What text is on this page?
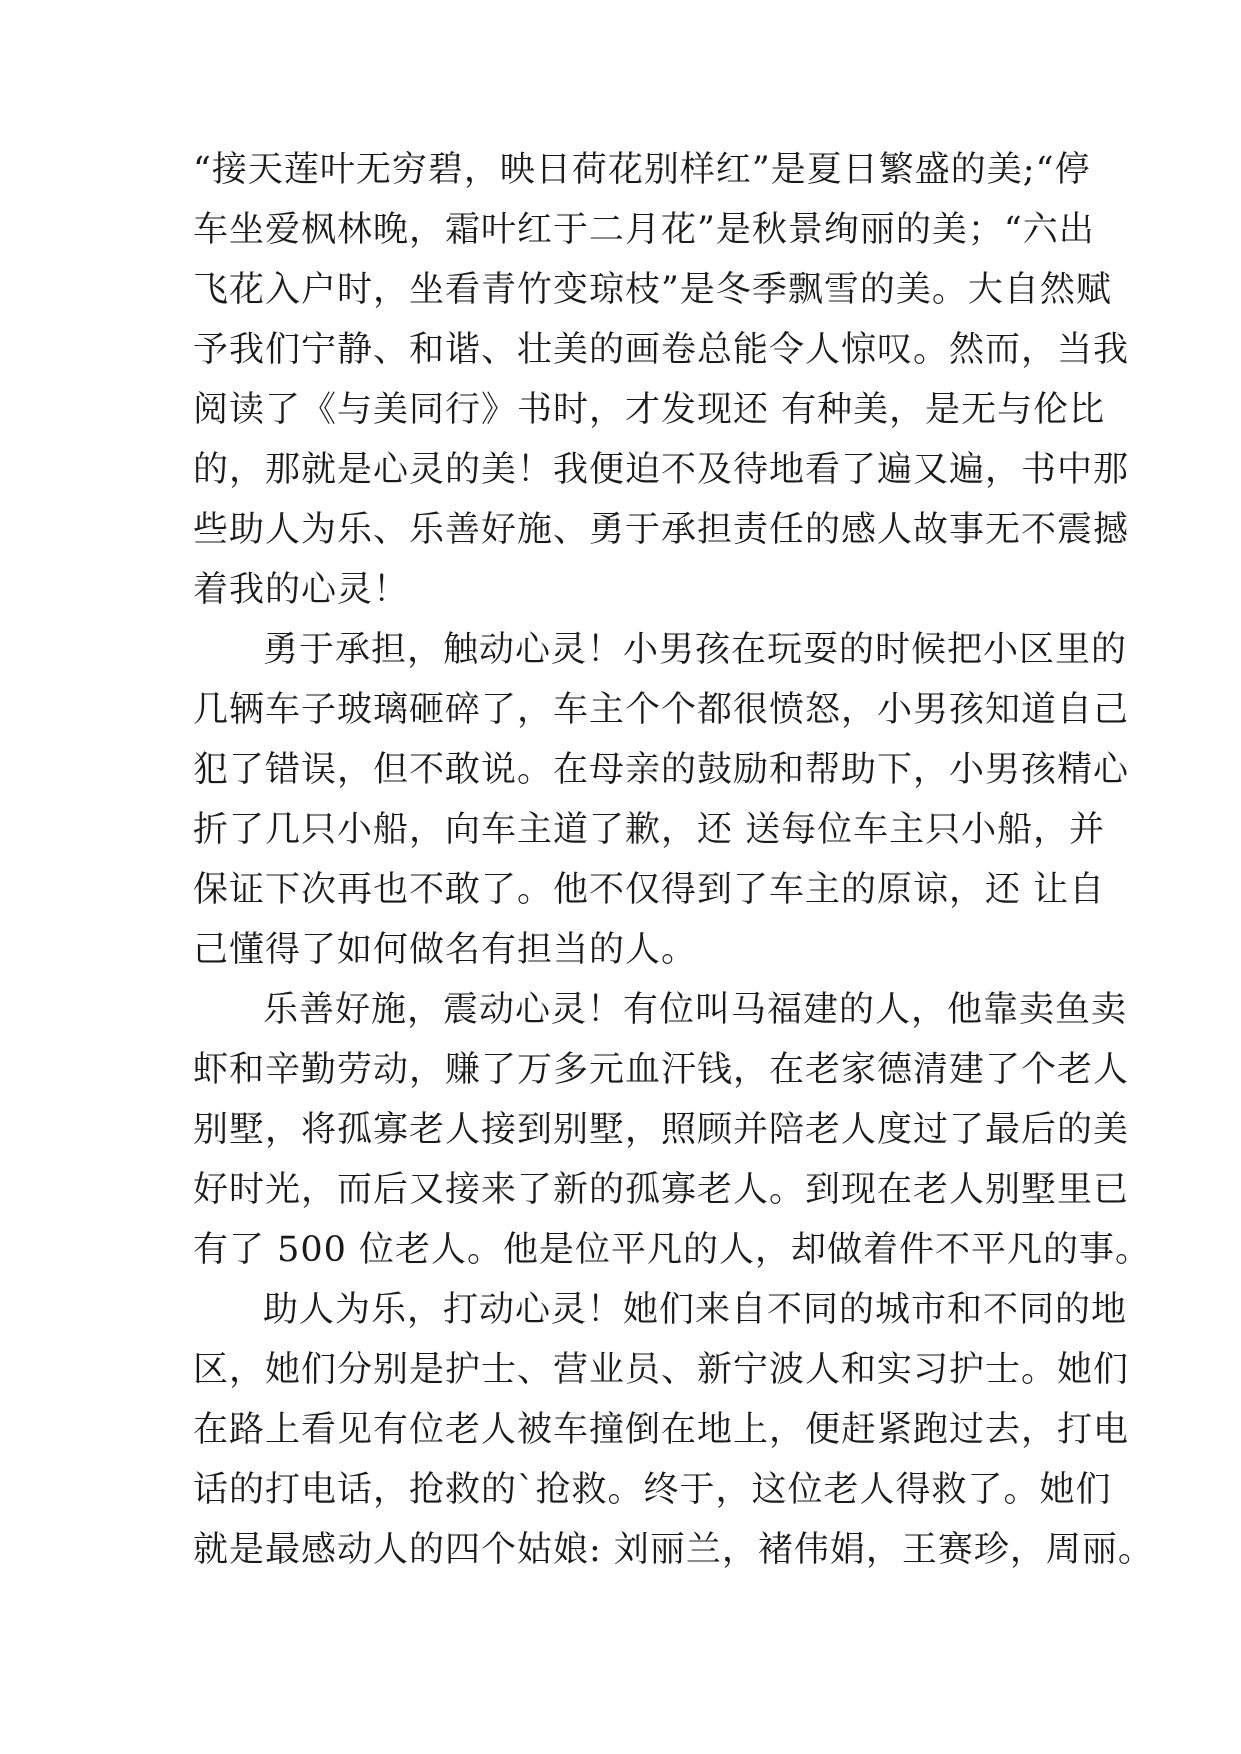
“接天莲叶无穷碧，映日荷花别样红”是夏日繁盛的美;“停
车坐爱枫林晚，霜叶红于二月花”是秋景绚丽的美；“六出
飞花入户时，坐看青竹变琼枝”是冬季飘雪的美。大自然赋
予我们宁静、和谐、壮美的画卷总能令人惊叹。然而，当我
阅读了《与美同行》书时，才发现还 有种美，是无与伦比
的，那就是心灵的美！我便迫不及待地看了遍又遍，书中那
些助人为乐、乐善好施、勇于承担责任的感人故事无不震撼
着我的心灵！
勇于承担，触动心灵！小男孩在玩耍的时候把小区里的
几辆车子玻璃砸碎了，车主个个都很愤怒，小男孩知道自己
犯了错误，但不敢说。在母亲的鼓励和帮助下，小男孩精心
折了几只小船，向车主道了歉，还 送每位车主只小船，并
保证下次再也不敢了。他不仅得到了车主的原谅，还 让自
己懂得了如何做名有担当的人。
乐善好施，震动心灵！有位叫马福建的人，他靠卖鱼卖
虾和辛勤劳动，赚了万多元血汗钱，在老家德清建了个老人
别墅，将孤寡老人接到别墅，照顾并陪老人度过了最后的美
好时光，而后又接来了新的孤寡老人。到现在老人别墅里已
有了 500 位老人。他是位平凡的人，却做着件不平凡的事。
助人为乐，打动心灵！她们来自不同的城市和不同的地
区，她们分别是护士、营业员、新宁波人和实习护士。她们
在路上看见有位老人被车撞倒在地上，便赶紧跑过去，打电
话的打电话，抢救的`抢救。终于，这位老人得救了。她们
就是最感动人的四个姑娘: 刘丽兰，褚伟娟，王赛珍，周丽。
